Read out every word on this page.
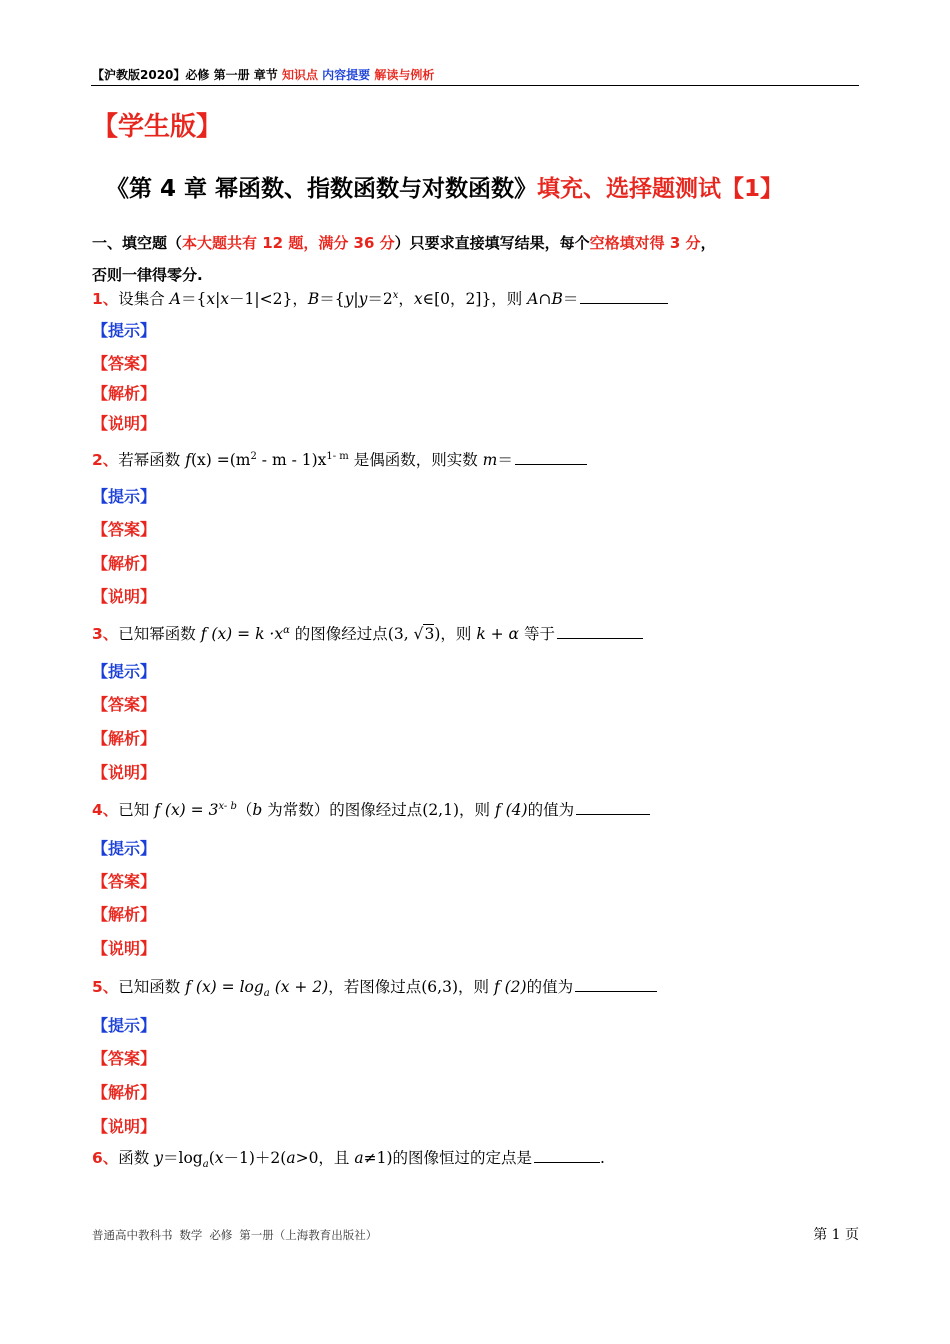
【沪教版2020】必修 第一册 章节 知识点 内容提要 解读与例析
【学生版】
《第 4 章 幂函数、指数函数与对数函数》填充、选择题测试【1】
一、填空题（本大题共有 12 题，满分 36 分）只要求直接填写结果，每个空格填对得 3 分，
否则一律得零分.
1、设集合 A＝{x|x－1|<2}，$B=\{y|y=2^x$，x∈[0，2]}，则 A∩B＝
【提示】
【答案】
【解析】
【说明】
2、若幂函数 $f(x) =(m^2 - m - 1)x^{1- m}$ 是偶函数，则实数 m＝
【提示】
【答案】
【解析】
【说明】
3、已知幂函数 f $(x) = k \cdot x^\alpha$ 的图像经过点(3, √3)，则 k + α 等于
【提示】
【答案】
【解析】
【说明】
4、已知 f $(x) = 3^{x- b}(b$ 为常数）的图像经过点(2,1)，则 f (4)的值为
【提示】
【答案】
【解析】
【说明】
5、已知函数 f $(x) = \log_a (x + 2)$，若图像过点(6,3)，则 f (2)的值为
【提示】
【答案】
【解析】
【说明】
6、函数 $y=\log_a(x-1)+2(a>0$，且 a≠1)的图像恒过的定点是	.
普通高中教科书 数学 必修 第一册（上海教育出版社）	第 1 页
